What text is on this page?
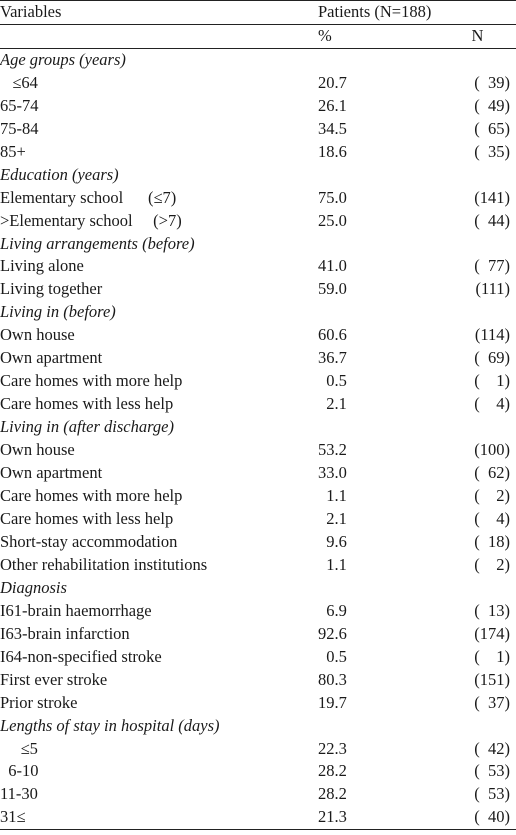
Variables	Patients (N=188)	
	%	N
Age groups (years)		
≤64	20.7	(  39)
65-74	26.1	(  49)
75-84	34.5	(  65)
85+	18.6	(  35)
Education (years)		
Elementary school      (≤7)	75.0	(141)
>Elementary school     (>7)	25.0	(  44)
Living arrangements (before)		
Living alone	41.0	(  77)
Living together	59.0	(111)
Living in (before)		
Own house	60.6	(114)
Own apartment	36.7	(  69)
Care homes with more help	0.5	(    1)
Care homes with less help	2.1	(    4)
Living in (after discharge)		
Own house	53.2	(100)
Own apartment	33.0	(  62)
Care homes with more help	1.1	(    2)
Care homes with less help	2.1	(    4)
Short-stay accommodation	9.6	(  18)
Other rehabilitation institutions	1.1	(    2)
Diagnosis		
I61-brain haemorrhage	6.9	(  13)
I63-brain infarction	92.6	(174)
I64-non-specified stroke	0.5	(    1)
First ever stroke	80.3	(151)
Prior stroke	19.7	(  37)
Lengths of stay in hospital (days)		
≤5	22.3	(  42)
6-10	28.2	(  53)
11-30	28.2	(  53)
31≤	21.3	(  40)
